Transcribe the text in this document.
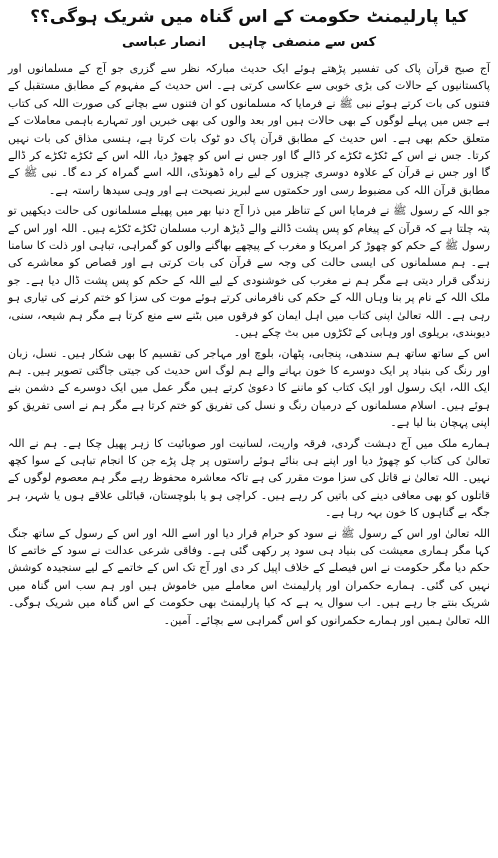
کیا پارلیمنٹ حکومت کے اس گناہ میں شریک ہوگی؟؟
کس سے منصفی چاہیں انصار عباسی

آج صبح قرآن پاک کی تفسیر پڑھتے ہوئے ایک حدیث مبارکہ نظر سے گزری جو آج کے مسلمانوں اور پاکستانیوں کے حالات کی بڑی خوبی سے عکاسی کرتی ہے۔ اس حدیث کے مفہوم کے مطابق مستقبل کے فتنوں کی بات کرتے ہوئے نبی ﷺ نے فرمایا کہ مسلمانوں کو ان فتنوں سے بچانے کی صورت اللہ کی کتاب ہے جس میں پہلے لوگوں کے بھی حالات ہیں اور بعد والوں کی بھی خبریں اور تمہارے باہمی معاملات کے متعلق حکم بھی ہے۔ اس حدیث کے مطابق قرآن پاک دو ٹوک بات کرتا ہے، ہنسی مذاق کی بات نہیں کرتا۔ جس نے اس کے ٹکڑے ٹکڑے کر ڈالے گا اور جس نے اس کو چھوڑ دیا، اللہ اس کے ٹکڑے ٹکڑے کر ڈالے گا اور جس نے قرآن کے علاوہ دوسری چیزوں کے لیے راہ ڈھونڈی، اللہ اسے گمراہ کر دے گا۔ نبی ﷺ کے مطابق قرآن اللہ کی مضبوط رسی اور حکمتوں سے لبریز نصیحت ہے اور وہی سیدھا راستہ ہے۔

جو اللہ کے رسول ﷺ نے فرمایا اس کے تناظر میں ذرا آج دنیا بھر میں پھیلے مسلمانوں کی حالت دیکھیں تو پتہ چلتا ہے کہ قرآن کے پیغام کو پس پشت ڈالنے والے ڈیڑھ ارب مسلمان ٹکڑے ٹکڑے ہیں۔ اللہ اور اس کے رسول ﷺ کے حکم کو چھوڑ کر امریکا و مغرب کے پیچھے بھاگنے والوں کو گمراہی، تباہی اور ذلت کا سامنا ہے۔ ہم مسلمانوں کی ایسی حالت کی وجہ سے قرآن کی بات کرتی ہے اور قصاص کو معاشرے کی زندگی قرار دیتی ہے مگر ہم نے مغرب کی خوشنودی کے لیے اللہ کے حکم کو پس پشت ڈال دیا ہے۔ جو ملک اللہ کے نام پر بنا وہاں اللہ کے حکم کی نافرمانی کرتے ہوئے موت کی سزا کو ختم کرنے کی تیاری ہو رہی ہے۔ اللہ تعالیٰ اپنی کتاب میں اہل ایمان کو فرقوں میں بٹنے سے منع کرتا ہے مگر ہم شیعہ، سنی، دیوبندی، بریلوی اور وہابی کے ٹکڑوں میں بٹ چکے ہیں۔

اس کے ساتھ ساتھ ہم سندھی، پنجابی، پٹھان، بلوچ اور مہاجر کی تقسیم کا بھی شکار ہیں۔ نسل، زبان اور رنگ کی بنیاد پر ایک دوسرے کا خون بہانے والے ہم لوگ اس حدیث کی جیتی جاگتی تصویر ہیں۔ ہم ایک اللہ، ایک رسول اور ایک کتاب کو ماننے کا دعویٰ کرتے ہیں مگر عمل میں ایک دوسرے کے دشمن بنے ہوئے ہیں۔ اسلام مسلمانوں کے درمیان رنگ و نسل کی تفریق کو ختم کرتا ہے مگر ہم نے اسی تفریق کو اپنی پہچان بنا لیا ہے۔

ہمارے ملک میں آج دہشت گردی، فرقہ واریت، لسانیت اور صوبائیت کا زہر پھیل چکا ہے۔ ہم نے اللہ تعالیٰ کی کتاب کو چھوڑ دیا اور اپنے ہی بنائے ہوئے راستوں پر چل پڑے جن کا انجام تباہی کے سوا کچھ نہیں۔ اللہ تعالیٰ نے قاتل کی سزا موت مقرر کی ہے تاکہ معاشرہ محفوظ رہے مگر ہم معصوم لوگوں کے قاتلوں کو بھی معافی دینے کی باتیں کر رہے ہیں۔ کراچی ہو یا بلوچستان، قبائلی علاقے ہوں یا شہر، ہر جگہ بے گناہوں کا خون بہہ رہا ہے۔

اللہ تعالیٰ اور اس کے رسول ﷺ نے سود کو حرام قرار دیا اور اسے اللہ اور اس کے رسول کے ساتھ جنگ کہا مگر ہماری معیشت کی بنیاد ہی سود پر رکھی گئی ہے۔ وفاقی شرعی عدالت نے سود کے خاتمے کا حکم دیا مگر حکومت نے اس فیصلے کے خلاف اپیل کر دی اور آج تک اس کے خاتمے کے لیے سنجیدہ کوشش نہیں کی گئی۔ ہمارے حکمران اور پارلیمنٹ اس معاملے میں خاموش ہیں اور ہم سب اس گناہ میں شریک بنتے جا رہے ہیں۔ اب سوال یہ ہے کہ کیا پارلیمنٹ بھی حکومت کے اس گناہ میں شریک ہوگی۔ اللہ تعالیٰ ہمیں اور ہمارے حکمرانوں کو اس گمراہی سے بچائے۔ آمین۔
